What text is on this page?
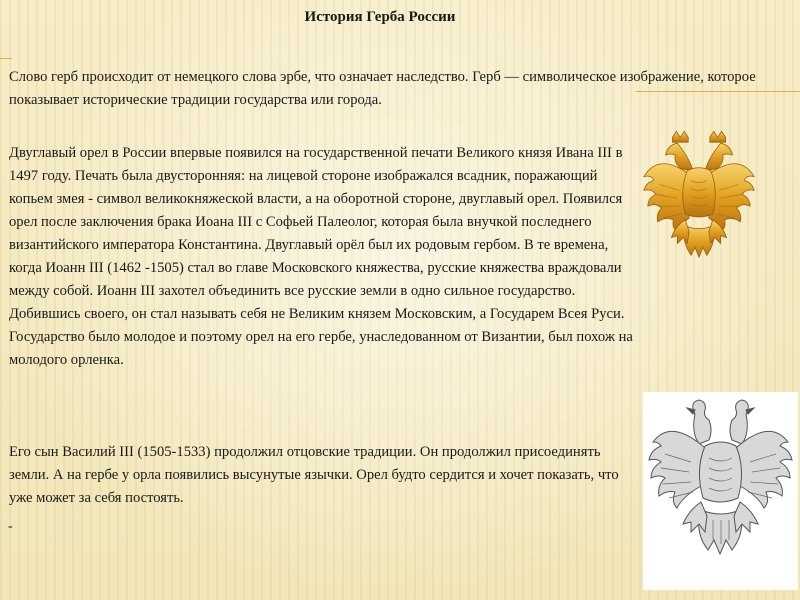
История Герба России

Слово герб происходит от немецкого слова эрбе, что означает наследство. Герб — символическое изображение, которое показывает исторические традиции государства или города.

Двуглавый орел в России впервые появился на государственной печати Великого князя Ивана III в 1497 году. Печать была двусторонняя: на лицевой стороне изображался всадник, поражающий копьем змея - символ великокняжеской власти, а на оборотной стороне, двуглавый орел. Появился орел после заключения брака Иоана III с Софьей Палеолог, которая была внучкой последнего византийского императора Константина. Двуглавый орёл был их родовым гербом. В те времена, когда Иоанн III (1462 -1505) стал во главе Московского княжества, русские княжества враждовали между собой. Иоанн III захотел объединить все русские земли в одно сильное государство. Добившись своего, он стал называть себя не Великим князем Московским, а Государем Всея Руси. Государство было молодое и поэтому орел на его гербе, унаследованном от Византии, был похож на молодого орленка.

Его сын Василий III (1505-1533) продолжил отцовские традиции. Он продолжил присоединять земли. А на гербе у орла появились высунутые язычки. Орел будто сердится и хочет показать, что уже может за себя постоять.

-
